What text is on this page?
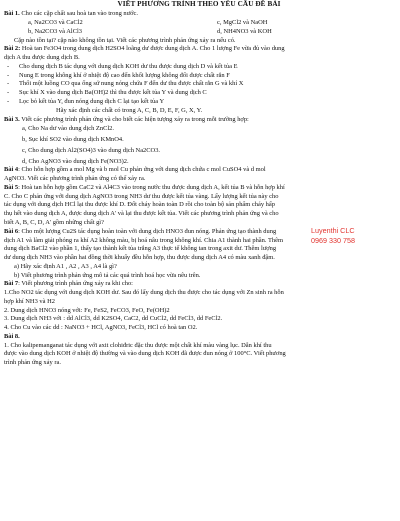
VIẾT PHƯƠNG TRÌNH THEO YÊU CẦU ĐỀ BÀI
Bài 1. Cho các cặp chất sau hoà tan vào trong nước.
a, Na2CO3 và CaCl2	c, MgCl2 và NaOH
b, Na2CO3 và AlCl3	d, NH4NO3 và KOH
Cặp nào tồn tại? cặp nào không tồn tại. Viết các phương trình phản ứng xảy ra nếu có.
Bài 2: Hoà tan Fe3O4 trong dung dịch H2SO4 loãng dư được dung dịch A. Cho 1 lượng Fe vừa đủ vào dung
dịch A thu được dung dịch B.
-	Cho dung dịch B tác dụng với dung dịch KOH dư thu được dung dịch D và kết tủa E
-	Nung E trong không khí ở nhiệt độ cao đến khối lượng không đổi được chất rắn F
-	Thổi một luồng CO qua ống sứ nung nóng chứa F đến dư thu được chất rắn G và khí X
-	Sục khí X vào dung dịch Ba(OH)2 thì thu được kết tủa Y và dung dịch C
-	Lọc bỏ kết tủa Y, đun nóng dung dịch C lại tạo kết tủa Y
Hãy xác định các chất có trong A, C, B, D, E, F, G, X, Y.
Bài 3. Viết các phương trình phản ứng và cho biết các hiện tượng xảy ra trong mỗi trường hợp:
a, Cho Na dư vào dung dịch ZnCl2.
b, Sục khí SO2 vào dung dịch KMnO4.
c, Cho dung dịch Al2(SO4)3 vào dung dịch Na2CO3.
d, Cho AgNO3 vào dung dịch Fe(NO3)2.
Luyenthi CLC
0969 330 758
Bài 4: Cho hỗn hợp gồm a mol Mg và b mol Cu phản ứng với dung dịch chứa c mol CuSO4 và d mol
AgNO3. Viết các phương trình phản ứng có thể xảy ra.
Bài 5: Hoà tan hỗn hợp gồm CaC2 và Al4C3 vào trong nước thu được dung dịch A, kết tủa B và hỗn hợp khí
C. Cho C phản ứng với dung dịch AgNO3 trong NH3 dư thu được kết tủa vàng. Lấy lượng kết tủa này cho
tác dụng với dung dịch HCl lại thu được khí D. Đốt cháy hoàn toàn D rồi cho toàn bộ sản phẩm cháy hấp
thụ hết vào dung dịch A, được dung dịch A' và lại thu được kết tủa. Viết các phương trình phản ứng và cho
biết A, B, C, D, A' gồm những chất gì?
Bài 6: Cho một lượng Cu2S tác dụng hoàn toàn với dung dịch HNO3 đun nóng. Phản ứng tạo thành dung
dịch A1 và làm giải phóng ra khí A2 không màu, bị hoá nâu trong không khí. Chia A1 thành hai phần. Thêm
dung dịch BaCl2 vào phần 1, thấy tạo thành kết tủa trắng A3 thực tế không tan trong axit dư. Thêm lượng
dư dung dịch NH3 vào phần hai đồng thời khuấy đều hỗn hợp, thu được dung dịch A4 có màu xanh đậm.
a) Hãy xác định A1 , A2 , A3 , A4 là gì?
b) Viết phương trình phản ứng mô tả các quá trình hoá học vừa nêu trên.
Bài 7: Viết phương trình phản ứng xảy ra khi cho:
1.Cho NO2 tác dụng với dung dịch KOH dư. Sau đó lấy dung dịch thu được cho tác dụng với Zn sinh ra hỗn
hợp khí NH3 và H2
2. Dung dịch HNO3 nóng với: Fe, FeS2, FeCO3, FeO, Fe(OH)2
3. Dung dịch NH3 với : dd AlCl3, dd K2SO4, CaC2, dd CuCl2, dd FeCl3, dd FeCl2.
4. Cho Cu vào các dd : NaNO3 + HCl, AgNO3, FeCl3, HCl có hoà tan O2.
Bài 8.
1. Cho kalipemanganat tác dụng với axit clohiđric đặc thu được một chất khí màu vàng lục. Dẫn khí thu
được vào dung dịch KOH ở nhiệt độ thường và vào dung dịch KOH đã được đun nóng ở 100°C. Viết phương
trình phản ứng xảy ra.
